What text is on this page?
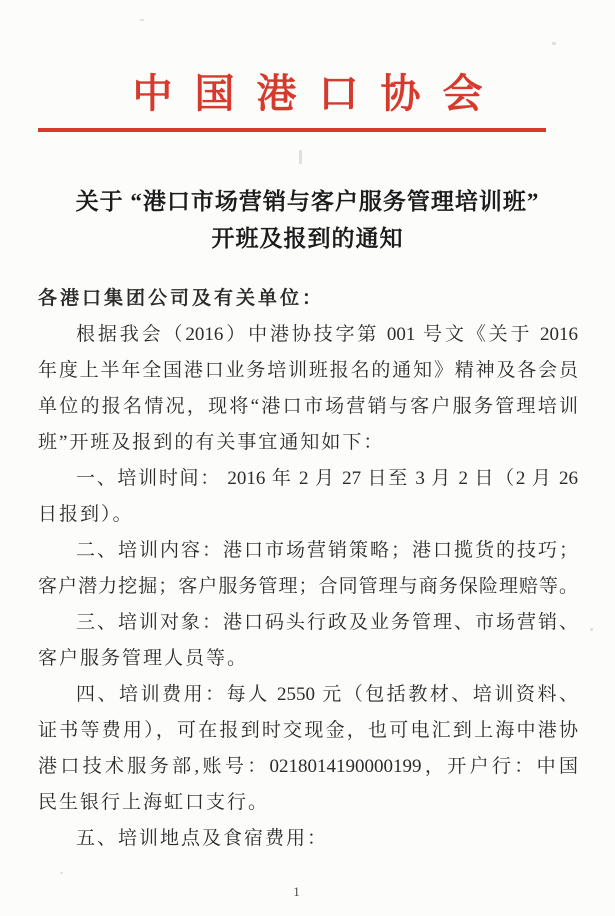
中国港口协会
关于 “港口市场营销与客户服务管理培训班”
开班及报到的通知
各港口集团公司及有关单位：
根据我会（2016）中港协技字第 001 号文《关于 2016
年度上半年全国港口业务培训班报名的通知》精神及各会员
单位的报名情况，现将“港口市场营销与客户服务管理培训
班”开班及报到的有关事宜通知如下：
一、培训时间： 2016 年 2 月 27 日至 3 月 2 日（2 月 26
日报到）。
二、培训内容：港口市场营销策略；港口揽货的技巧；
客户潜力挖掘；客户服务管理；合同管理与商务保险理赔等。
三、培训对象：港口码头行政及业务管理、市场营销、
客户服务管理人员等。
四、培训费用：每人 2550 元（包括教材、培训资料、
证书等费用），可在报到时交现金，也可电汇到上海中港协
港口技术服务部,账号：0218014190000199，开户行：中国
民生银行上海虹口支行。
五、培训地点及食宿费用：
1
